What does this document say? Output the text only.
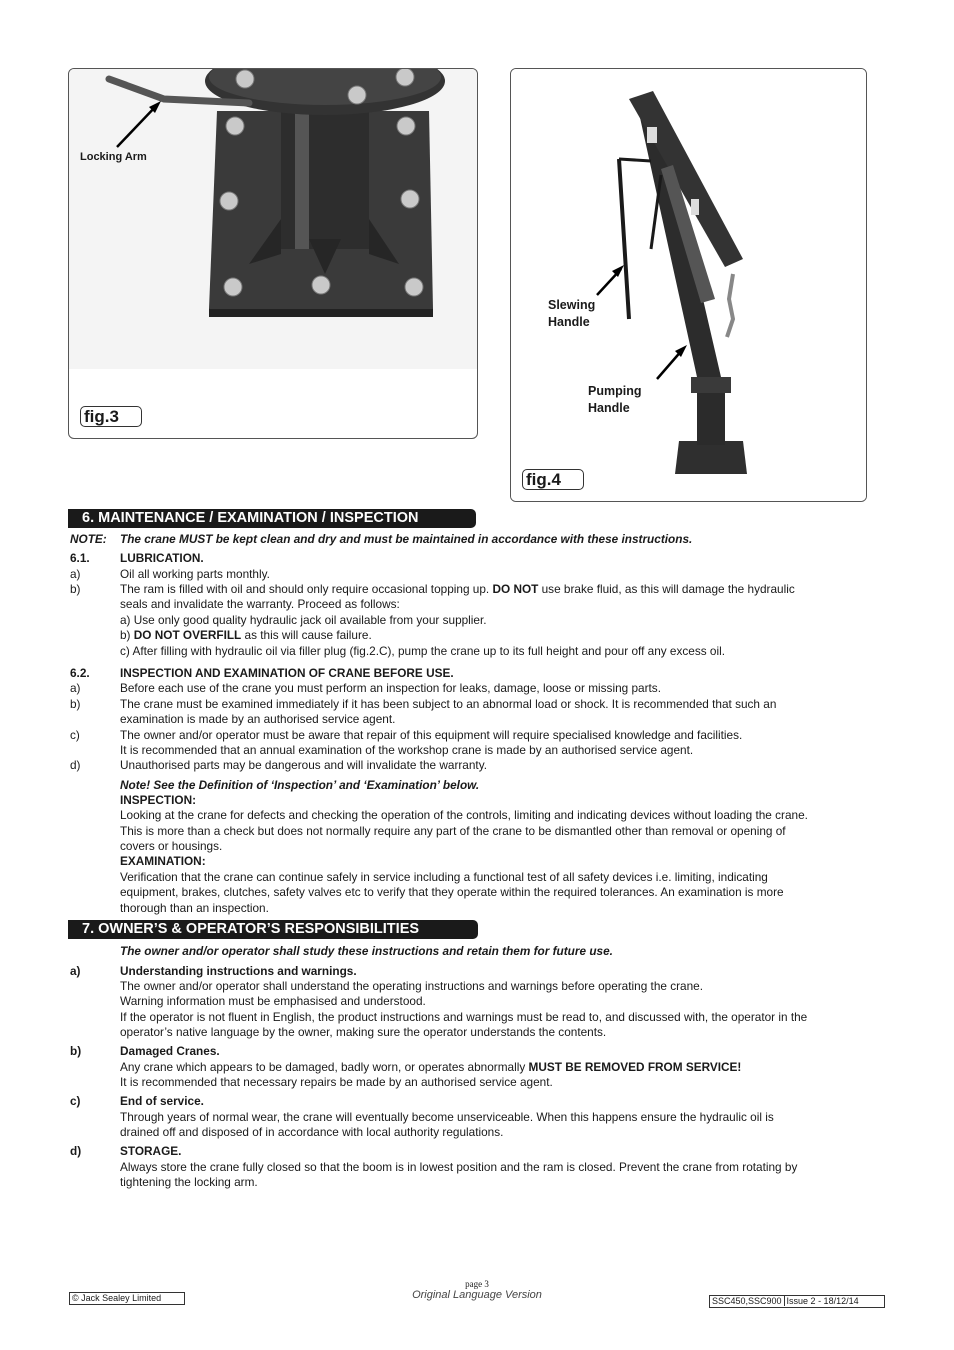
Locking Arm
fig.3
Slewing
Handle
Pumping
Handle
fig.4
6. MAINTENANCE / EXAMINATION / INSPECTION
NOTE: The crane MUST be kept clean and dry and must be maintained in accordance with these instructions.
6.1.	LUBRICATION.
a)	Oil all working parts monthly.
b)	The ram is filled with oil and should only require occasional topping up. DO NOT use brake fluid, as this will damage the hydraulic
seals and invalidate the warranty. Proceed as follows:
a) Use only good quality hydraulic jack oil available from your supplier.
b) DO NOT OVERFILL as this will cause failure.
c) After filling with hydraulic oil via filler plug (fig.2.C), pump the crane up to its full height and pour off any excess oil.
6.2.	INSPECTION AND EXAMINATION OF CRANE BEFORE USE.
a)	Before each use of the crane you must perform an inspection for leaks, damage, loose or missing parts.
b)	The crane must be examined immediately if it has been subject to an abnormal load or shock. It is recommended that such an
examination is made by an authorised service agent.
c)	The owner and/or operator must be aware that repair of this equipment will require specialised knowledge and facilities.
It is recommended that an annual examination of the workshop crane is made by an authorised service agent.
d)	Unauthorised parts may be dangerous and will invalidate the warranty.
Note! See the Definition of ‘Inspection’ and ‘Examination’ below.
INSPECTION:
Looking at the crane for defects and checking the operation of the controls, limiting and indicating devices without loading the crane.
This is more than a check but does not normally require any part of the crane to be dismantled other than removal or opening of
covers or housings.
EXAMINATION:
Verification that the crane can continue safely in service including a functional test of all safety devices i.e. limiting, indicating
equipment, brakes, clutches, safety valves etc to verify that they operate within the required tolerances. An examination is more
thorough than an inspection.
7. OWNER’S & OPERATOR’S RESPONSIBILITIES
The owner and/or operator shall study these instructions and retain them for future use.
a)	Understanding instructions and warnings.
The owner and/or operator shall understand the operating instructions and warnings before operating the crane.
Warning information must be emphasised and understood.
If the operator is not fluent in English, the product instructions and warnings must be read to, and discussed with, the operator in the
operator’s native language by the owner, making sure the operator understands the contents.
b)	Damaged Cranes.
Any crane which appears to be damaged, badly worn, or operates abnormally MUST BE REMOVED FROM SERVICE!
It is recommended that necessary repairs be made by an authorised service agent.
c)	End of service.
Through years of normal wear, the crane will eventually become unserviceable. When this happens ensure the hydraulic oil is
drained off and disposed of in accordance with local authority regulations.
d)	STORAGE.
Always store the crane fully closed so that the boom is in lowest position and the ram is closed. Prevent the crane from rotating by
tightening the locking arm.
page 3
© Jack Sealey Limited	Original Language Version	SSC450,SSC900 Issue 2 - 18/12/14
